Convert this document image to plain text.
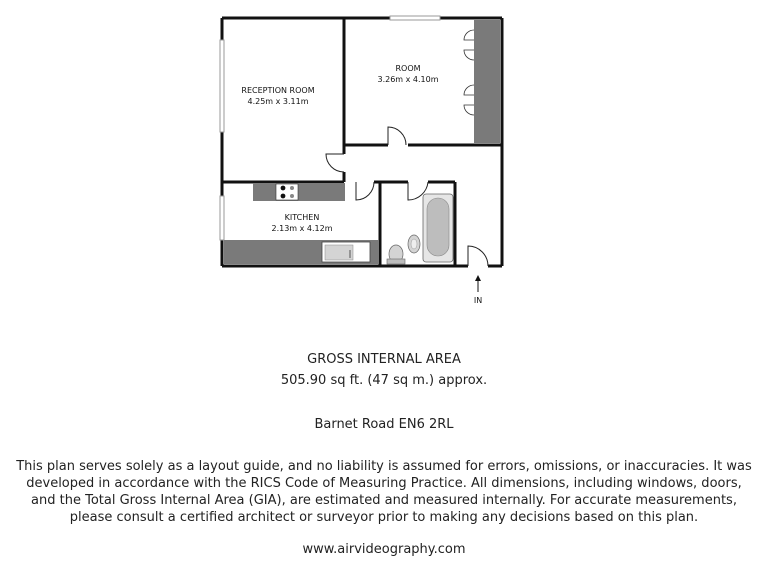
RECEPTION ROOM
4.25m x 3.11m
ROOM
3.26m x 4.10m
KITCHEN
2.13m x 4.12m
IN
GROSS INTERNAL AREA
505.90 sq ft. (47 sq m.) approx.
Barnet Road EN6 2RL
This plan serves solely as a layout guide, and no liability is assumed for errors, omissions, or inaccuracies. It was
developed in accordance with the RICS Code of Measuring Practice. All dimensions, including windows, doors,
and the Total Gross Internal Area (GIA), are estimated and measured internally. For accurate measurements,
please consult a certified architect or surveyor prior to making any decisions based on this plan.
www.airvideography.com
